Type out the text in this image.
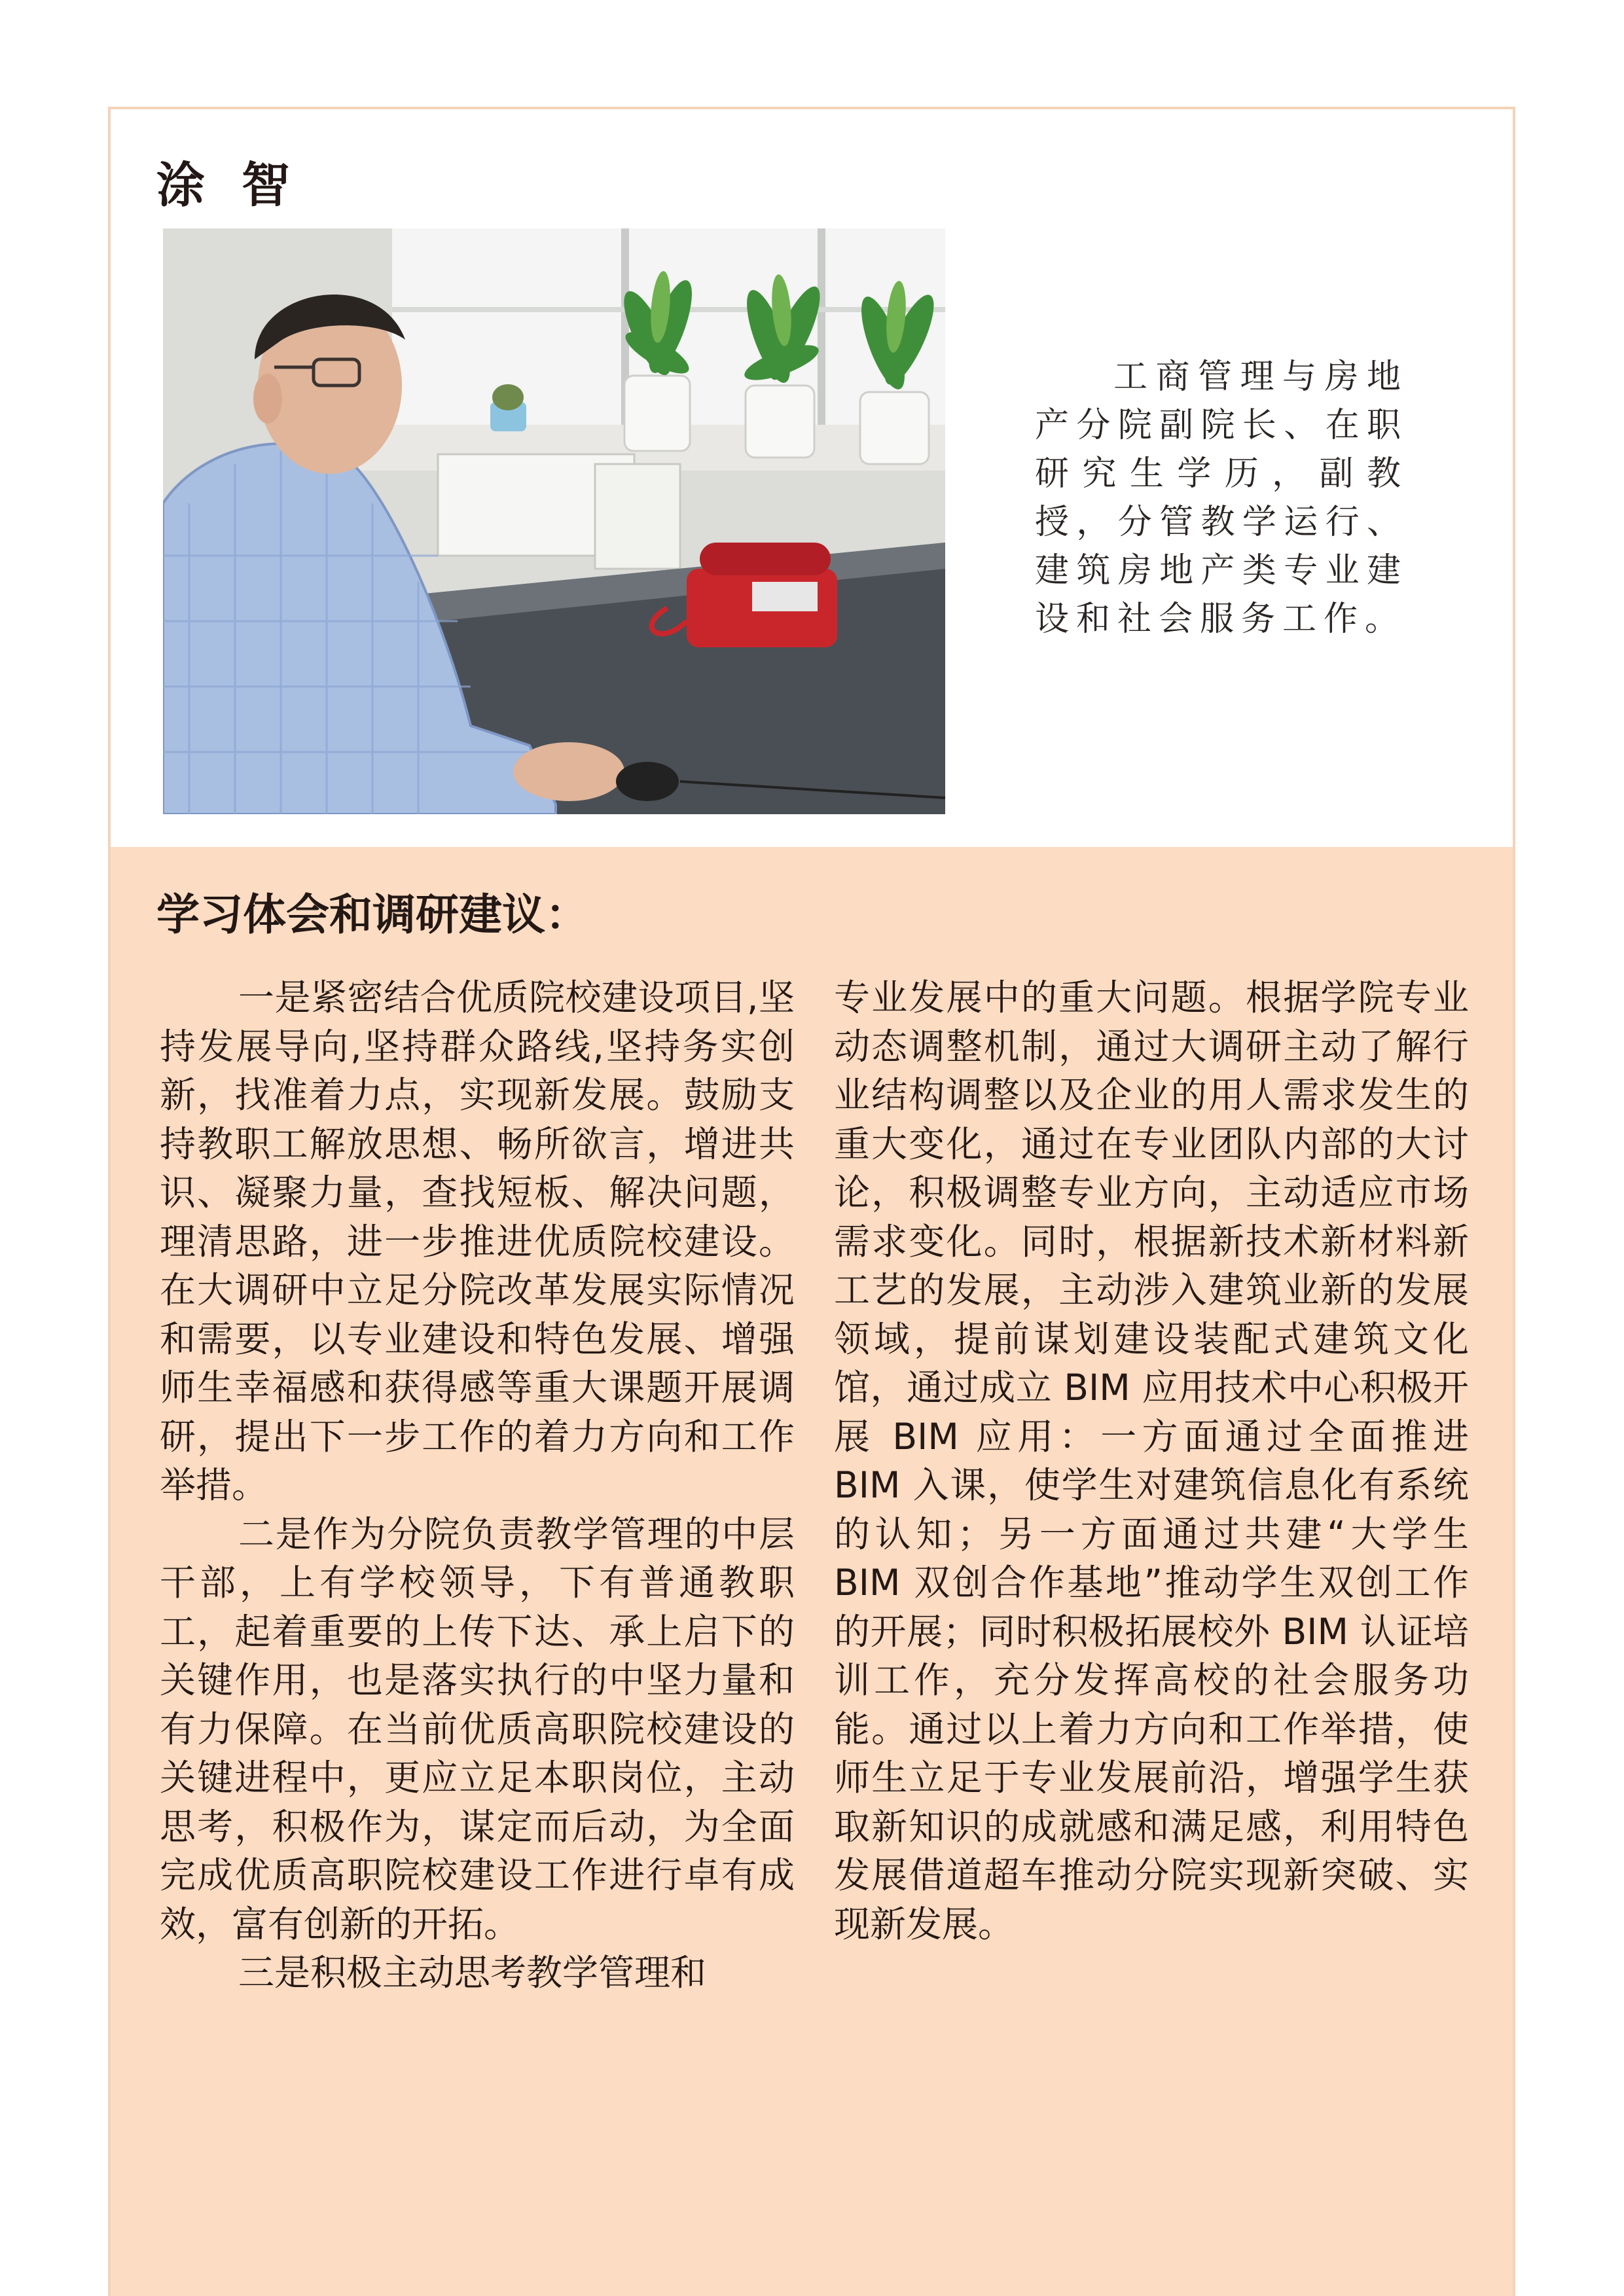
涂智

工商管理与房地产分院副院长、在职研究生学历，副教授，分管教学运行、建筑房地产类专业建设和社会服务工作。

学习体会和调研建议：

一是紧密结合优质院校建设项目,坚持发展导向,坚持群众路线,坚持务实创新，找准着力点，实现新发展。鼓励支持教职工解放思想、畅所欲言，增进共识、凝聚力量，查找短板、解决问题，理清思路，进一步推进优质院校建设。在大调研中立足分院改革发展实际情况和需要，以专业建设和特色发展、增强师生幸福感和获得感等重大课题开展调研，提出下一步工作的着力方向和工作举措。

二是作为分院负责教学管理的中层干部，上有学校领导，下有普通教职工，起着重要的上传下达、承上启下的关键作用，也是落实执行的中坚力量和有力保障。在当前优质高职院校建设的关键进程中，更应立足本职岗位，主动思考，积极作为，谋定而后动，为全面完成优质高职院校建设工作进行卓有成效，富有创新的开拓。

三是积极主动思考教学管理和

专业发展中的重大问题。根据学院专业动态调整机制，通过大调研主动了解行业结构调整以及企业的用人需求发生的重大变化，通过在专业团队内部的大讨论，积极调整专业方向，主动适应市场需求变化。同时，根据新技术新材料新工艺的发展，主动涉入建筑业新的发展领域，提前谋划建设装配式建筑文化馆，通过成立 BIM 应用技术中心积极开展 BIM 应用：一方面通过全面推进 BIM 入课，使学生对建筑信息化有系统的认知；另一方面通过共建“大学生 BIM 双创合作基地”推动学生双创工作的开展；同时积极拓展校外 BIM 认证培训工作，充分发挥高校的社会服务功能。通过以上着力方向和工作举措，使师生立足于专业发展前沿，增强学生获取新知识的成就感和满足感，利用特色发展借道超车推动分院实现新突破、实现新发展。
